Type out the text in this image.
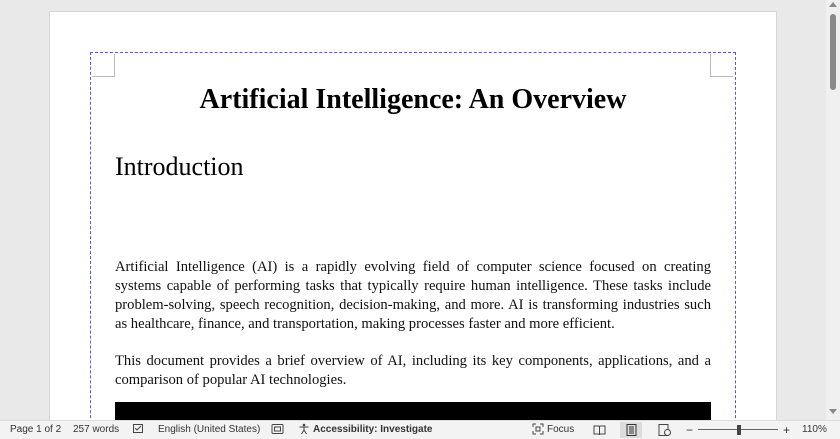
Artificial Intelligence: An Overview
Introduction
Artificial Intelligence (AI) is a rapidly evolving field of computer science focused on creating systems capable of performing tasks that typically require human intelligence. These tasks include problem-solving, speech recognition, decision-making, and more. AI is transforming industries such as healthcare, finance, and transportation, making processes faster and more efficient.
This document provides a brief overview of AI, including its key components, applications, and a comparison of popular AI technologies.
Page 1 of 2 257 words	English (United States)	Accessibility: Investigate	Focus	−	+ 110%
